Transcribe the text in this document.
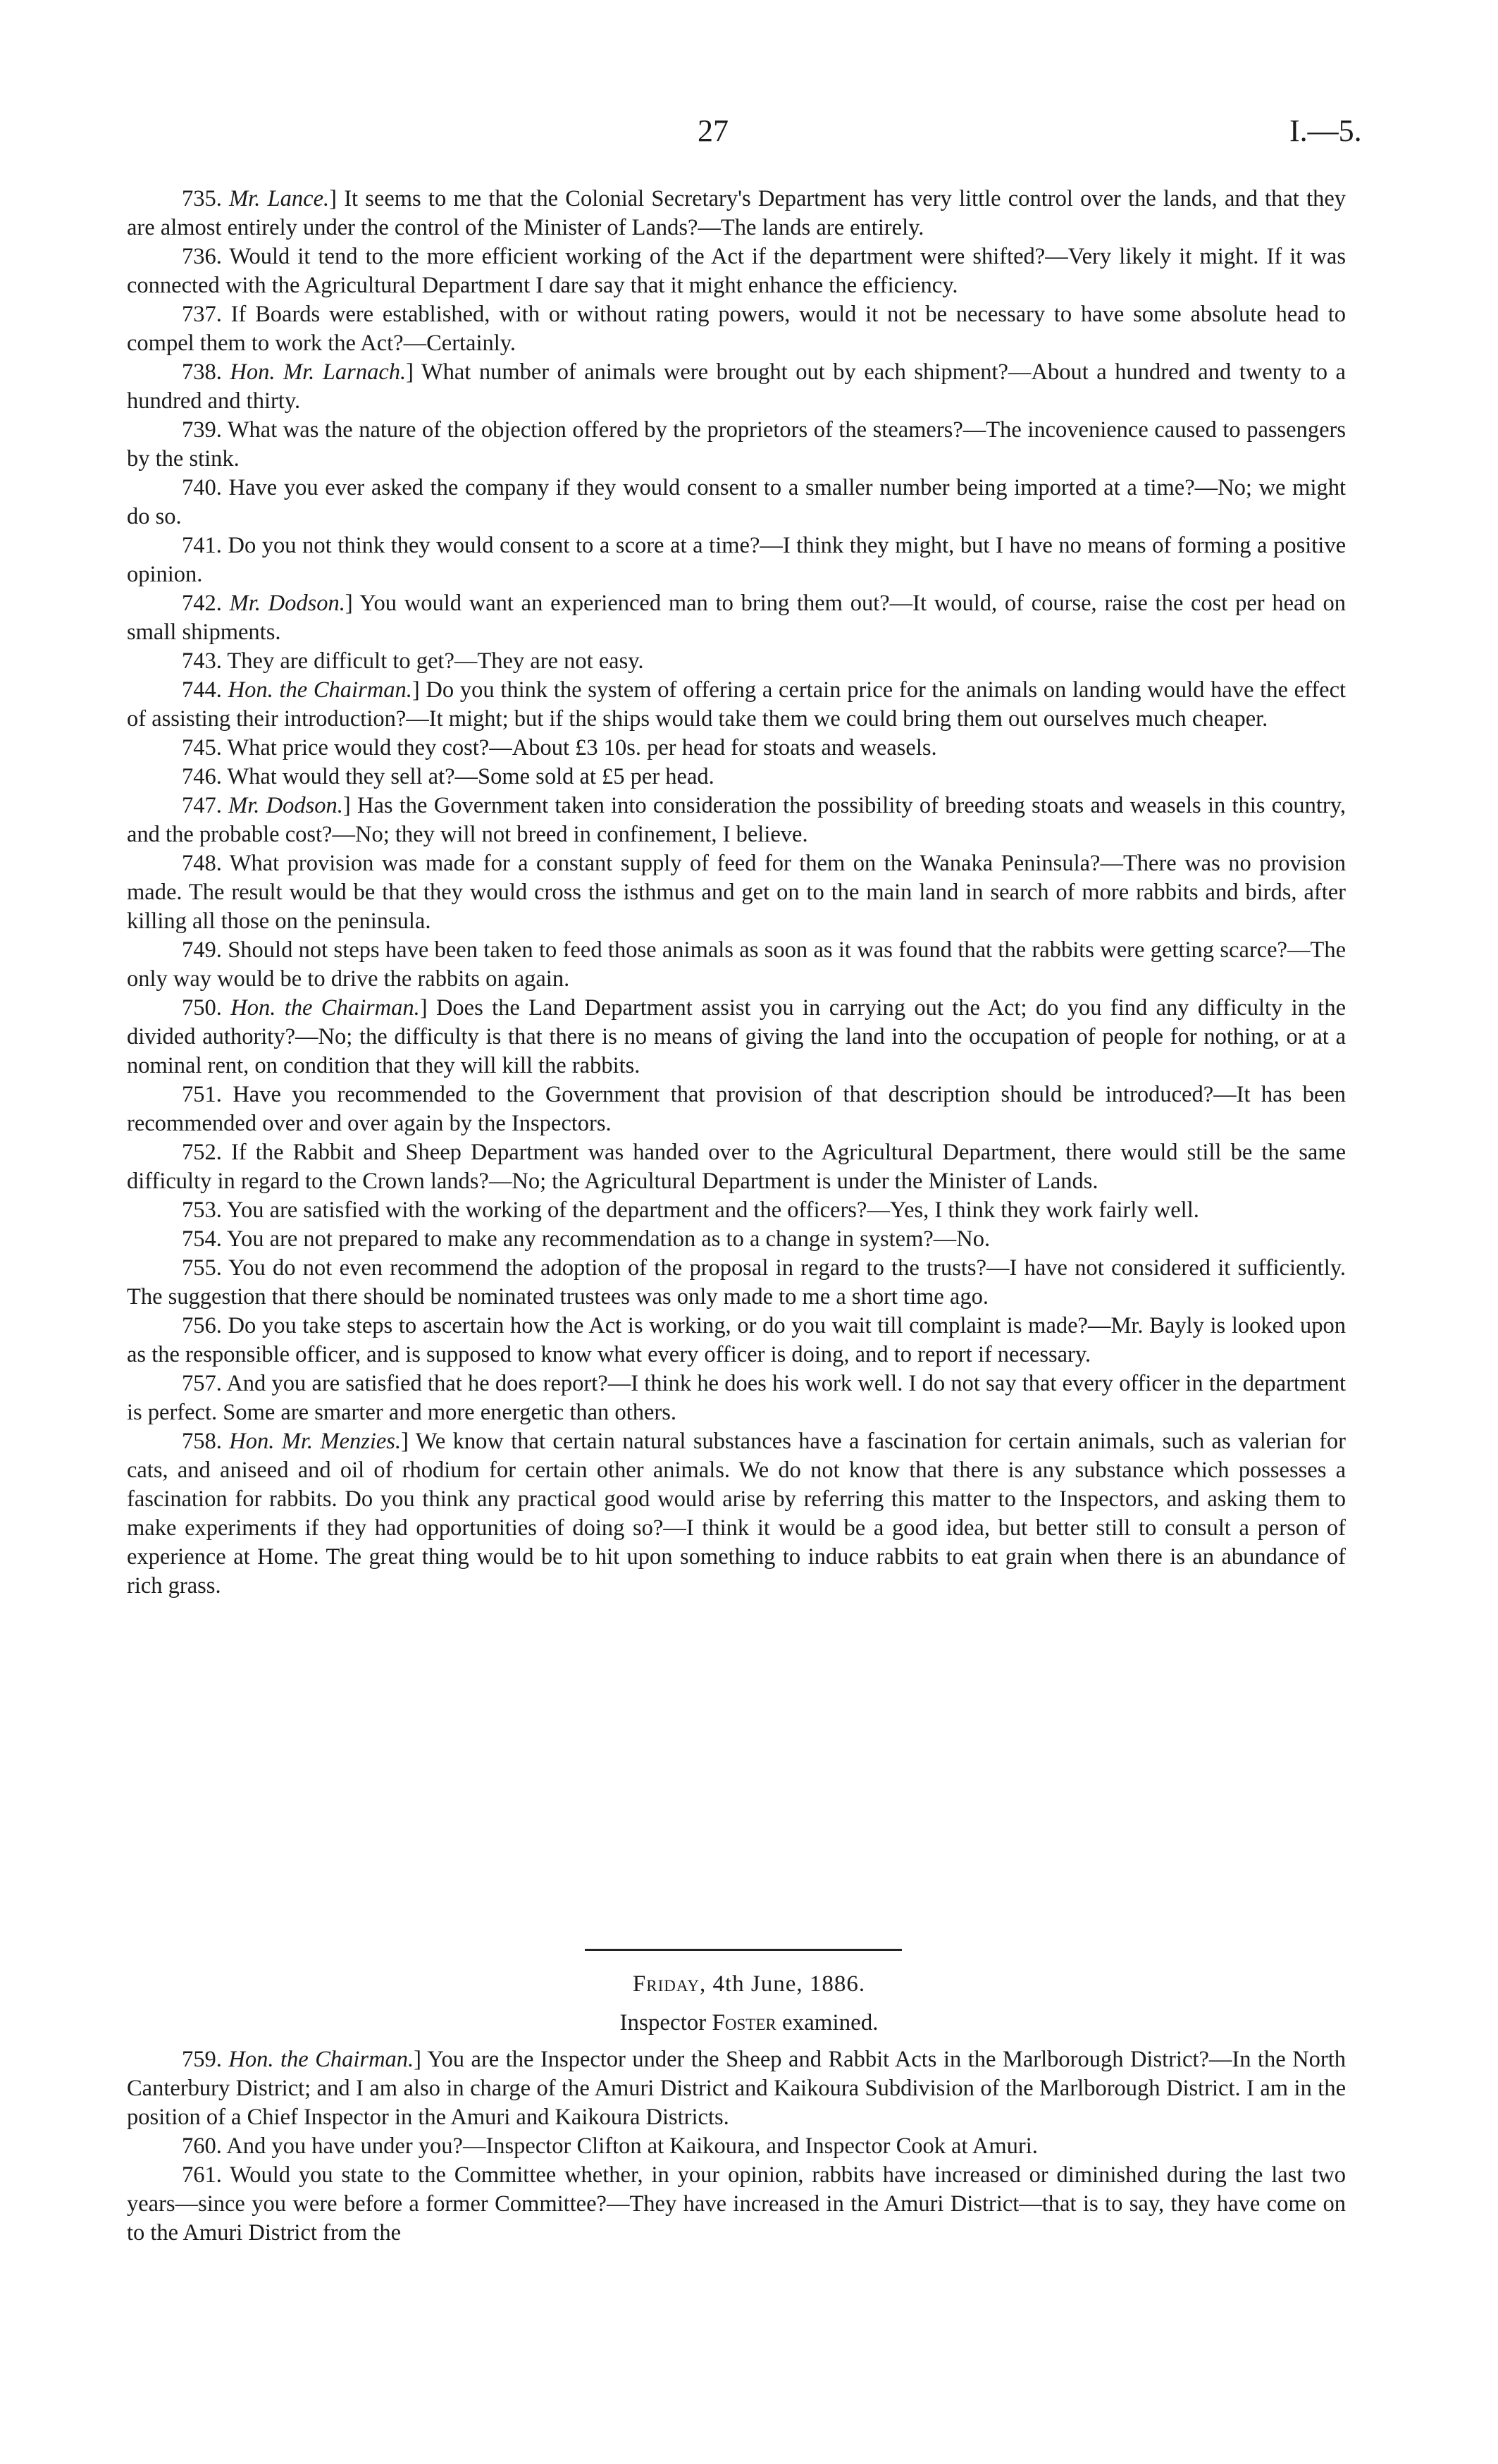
27	I.—5.

735. Mr. Lance.] It seems to me that the Colonial Secretary's Department has very little control over the lands, and that they are almost entirely under the control of the Minister of Lands?—The lands are entirely.

736. Would it tend to the more efficient working of the Act if the department were shifted?—Very likely it might. If it was connected with the Agricultural Department I dare say that it might enhance the efficiency.

737. If Boards were established, with or without rating powers, would it not be necessary to have some absolute head to compel them to work the Act?—Certainly.

738. Hon. Mr. Larnach.] What number of animals were brought out by each shipment?—About a hundred and twenty to a hundred and thirty.

739. What was the nature of the objection offered by the proprietors of the steamers?—The incovenience caused to passengers by the stink.

740. Have you ever asked the company if they would consent to a smaller number being imported at a time?—No; we might do so.

741. Do you not think they would consent to a score at a time?—I think they might, but I have no means of forming a positive opinion.

742. Mr. Dodson.] You would want an experienced man to bring them out?—It would, of course, raise the cost per head on small shipments.

743. They are difficult to get?—They are not easy.

744. Hon. the Chairman.] Do you think the system of offering a certain price for the animals on landing would have the effect of assisting their introduction?—It might; but if the ships would take them we could bring them out ourselves much cheaper.

745. What price would they cost?—About £3 10s. per head for stoats and weasels.

746. What would they sell at?—Some sold at £5 per head.

747. Mr. Dodson.] Has the Government taken into consideration the possibility of breeding stoats and weasels in this country, and the probable cost?—No; they will not breed in confinement, I believe.

748. What provision was made for a constant supply of feed for them on the Wanaka Peninsula?—There was no provision made. The result would be that they would cross the isthmus and get on to the main land in search of more rabbits and birds, after killing all those on the peninsula.

749. Should not steps have been taken to feed those animals as soon as it was found that the rabbits were getting scarce?—The only way would be to drive the rabbits on again.

750. Hon. the Chairman.] Does the Land Department assist you in carrying out the Act; do you find any difficulty in the divided authority?—No; the difficulty is that there is no means of giving the land into the occupation of people for nothing, or at a nominal rent, on condition that they will kill the rabbits.

751. Have you recommended to the Government that provision of that description should be introduced?—It has been recommended over and over again by the Inspectors.

752. If the Rabbit and Sheep Department was handed over to the Agricultural Department, there would still be the same difficulty in regard to the Crown lands?—No; the Agricultural Department is under the Minister of Lands.

753. You are satisfied with the working of the department and the officers?—Yes, I think they work fairly well.

754. You are not prepared to make any recommendation as to a change in system?—No.

755. You do not even recommend the adoption of the proposal in regard to the trusts?—I have not considered it sufficiently. The suggestion that there should be nominated trustees was only made to me a short time ago.

756. Do you take steps to ascertain how the Act is working, or do you wait till complaint is made?—Mr. Bayly is looked upon as the responsible officer, and is supposed to know what every officer is doing, and to report if necessary.

757. And you are satisfied that he does report?—I think he does his work well. I do not say that every officer in the department is perfect. Some are smarter and more energetic than others.

758. Hon. Mr. Menzies.] We know that certain natural substances have a fascination for certain animals, such as valerian for cats, and aniseed and oil of rhodium for certain other animals. We do not know that there is any substance which possesses a fascination for rabbits. Do you think any practical good would arise by referring this matter to the Inspectors, and asking them to make experiments if they had opportunities of doing so?—I think it would be a good idea, but better still to consult a person of experience at Home. The great thing would be to hit upon something to induce rabbits to eat grain when there is an abundance of rich grass.

Friday, 4th June, 1886.
Inspector Foster examined.

759. Hon. the Chairman.] You are the Inspector under the Sheep and Rabbit Acts in the Marlborough District?—In the North Canterbury District; and I am also in charge of the Amuri District and Kaikoura Subdivision of the Marlborough District. I am in the position of a Chief Inspector in the Amuri and Kaikoura Districts.

760. And you have under you?—Inspector Clifton at Kaikoura, and Inspector Cook at Amuri.

761. Would you state to the Committee whether, in your opinion, rabbits have increased or diminished during the last two years—since you were before a former Committee?—They have increased in the Amuri District—that is to say, they have come on to the Amuri District from the
